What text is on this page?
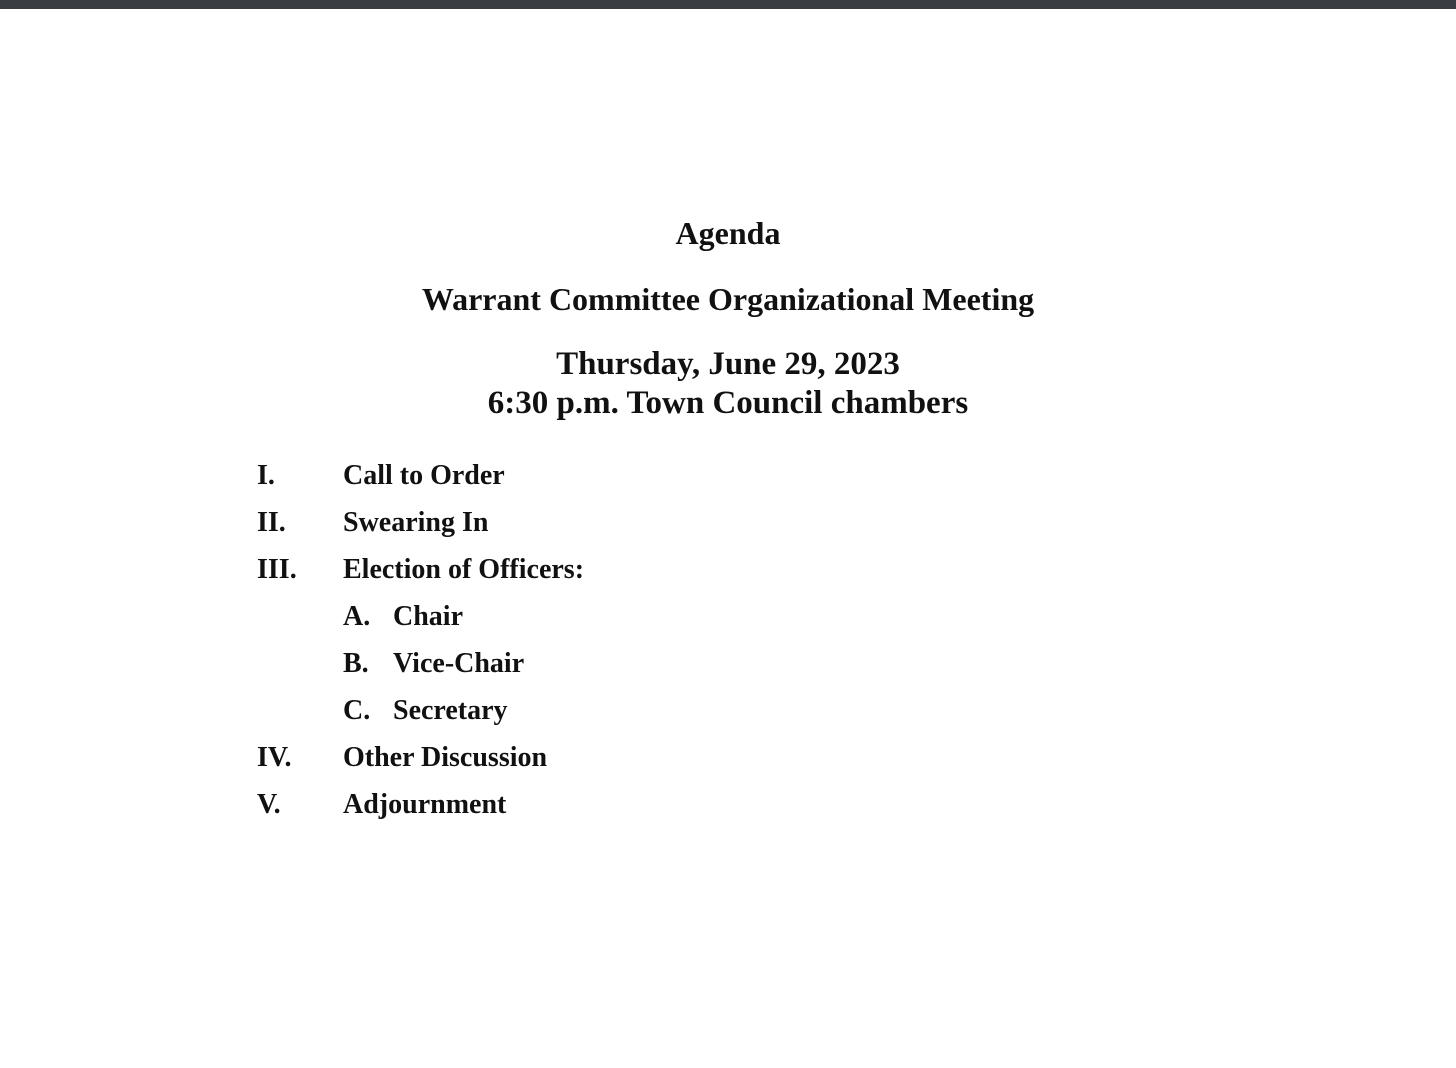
Agenda
Warrant Committee Organizational Meeting
Thursday, June 29, 2023
6:30 p.m. Town Council chambers
I. Call to Order
II. Swearing In
III. Election of Officers:
A. Chair
B. Vice-Chair
C. Secretary
IV. Other Discussion
V. Adjournment
